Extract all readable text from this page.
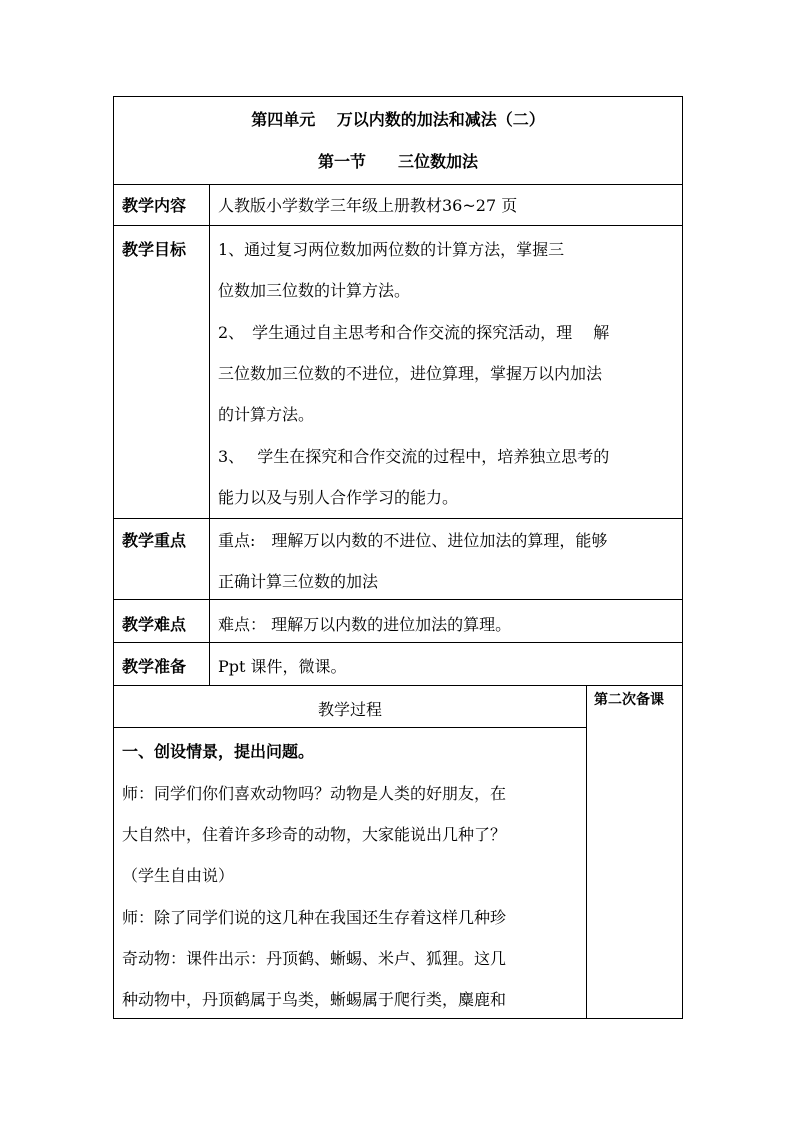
第四单元　 万以内数的加法和减法（二）
第一节　　三位数加法
教学内容 人教版小学数学三年级上册教材36~27 页
教学目标 1、通过复习两位数加两位数的计算方法，掌握三
位数加三位数的计算方法。
2、　学生通过自主思考和合作交流的探究活动，理　 解
三位数加三位数的不进位，进位算理，掌握万以内加法
的计算方法。
3、　 学生在探究和合作交流的过程中，培养独立思考的
能力以及与别人合作学习的能力。
教学重点 重点:　理解万以内数的不进位、进位加法的算理，能够
正确计算三位数的加法
教学难点 难点： 理解万以内数的进位加法的算理。
教学准备 Ppt 课件，微课。
教学过程	第二次备课
一、创设情景，提出问题。
师：同学们你们喜欢动物吗？动物是人类的好朋友，在
大自然中，住着许多珍奇的动物，大家能说出几种了？
（学生自由说）
师：除了同学们说的这几种在我国还生存着这样几种珍
奇动物：课件出示：丹顶鹤、蜥蜴、米卢、狐狸。这几
种动物中，丹顶鹤属于鸟类，蜥蜴属于爬行类，麋鹿和
